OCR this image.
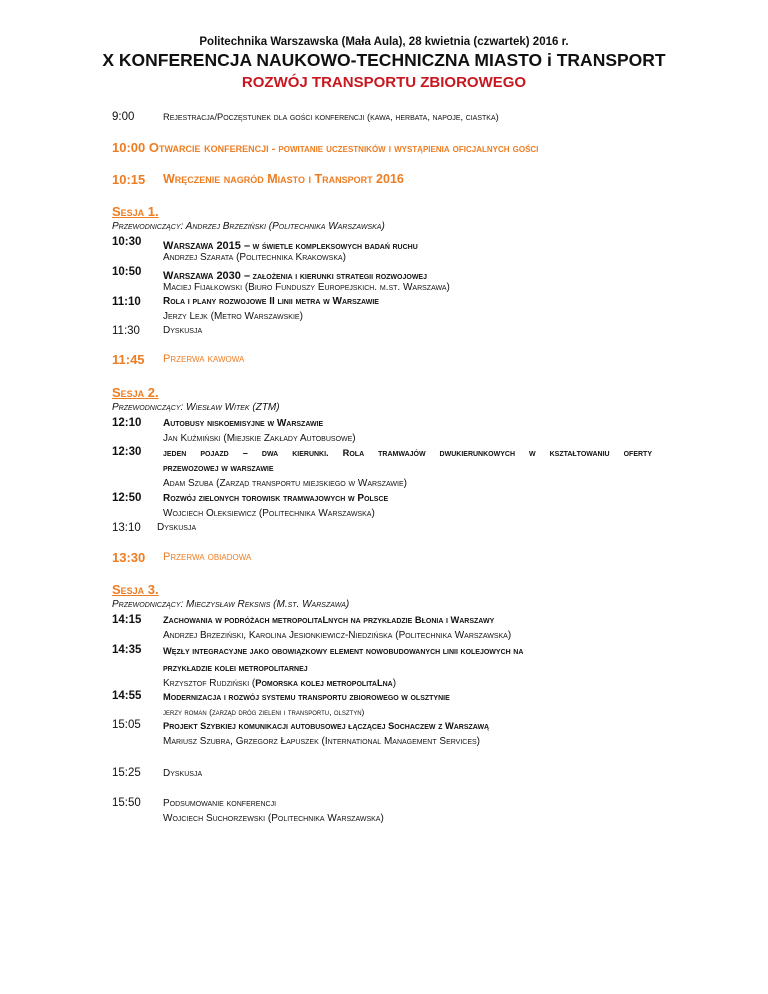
Politechnika Warszawska (Mała Aula), 28 kwietnia (czwartek) 2016 r.
X KONFERENCJA NAUKOWO-TECHNICZNA MIASTO i TRANSPORT
ROZWÓJ TRANSPORTU ZBIOROWEGO
9:00	Rejestracja/Poczęstunek dla gości konferencji (kawa, herbata, napoje, ciastka)
10:00 Otwarcie konferencji - powitanie uczestników i wystąpienia oficjalnych gości
10:15 Wręczenie nagród Miasto i Transport 2016
Sesja 1.
Przewodniczący: Andrzej Brzeziński (Politechnika Warszawska)
10:30 Warszawa 2015 – w świetle kompleksowych badań ruchu
Andrzej Szarata (Politechnika Krakowska)
10:50 Warszawa 2030 – założenia i kierunki strategii rozwojowej
Maciej Fijałkowski (Biuro Funduszy Europejskich. m.st. Warszawa)
11:10 Rola i plany rozwojowe II linii metra w Warszawie
Jerzy Lejk (Metro Warszawskie)
11:30 Dyskusja
11:45 Przerwa kawowa
Sesja 2.
Przewodniczący: Wiesław Witek (ZTM)
12:10 Autobusy niskoemisyjne w Warszawie
Jan Kuźmiński (Miejskie Zakłady Autobusowe)
12:30 jeden pojazd – dwa kierunki. Rola tramwajów dwukierunkowych w kształtowaniu oferty
przewozowej w warszawie
Adam Szuba (Zarząd transportu miejskiego w Warszawie)
12:50 Rozwój zielonych torowisk tramwajowych w Polsce
Wojciech Oleksiewicz (Politechnika Warszawska)
13:10 Dyskusja
13:30 Przerwa obiadowa
Sesja 3.
Przewodniczący: Mieczysław Reksnis (M.st. Warszawa)
14:15 Zachowania w podróżach metropolitaLnych na przykładzie Błonia i Warszawy
Andrzej Brzeziński, Karolina Jesionkiewicz-Niedzińska (Politechnika Warszawska)
14:35 Węzły integracyjne jako obowiązkowy element nowobudowanych linii kolejowych na
przykładzie kolei metropolitarnej
Krzysztof Rudziński (Pomorska kolej metropolitaLna)
14:55 Modernizacja i rozwój systemu transportu zbiorowego w olsztynie
jerzy roman (zarząd dróg zieleni i transportu, olsztyn)
15:05 Projekt Szybkiej komunikacji autobusowej łączącej Sochaczew z Warszawą
Mariusz Szubra, Grzegorz Łapuszek (International Management Services)
15:25 Dyskusja
15:50 Podsumowanie konferencji
Wojciech Suchorzewski (Politechnika Warszawska)
